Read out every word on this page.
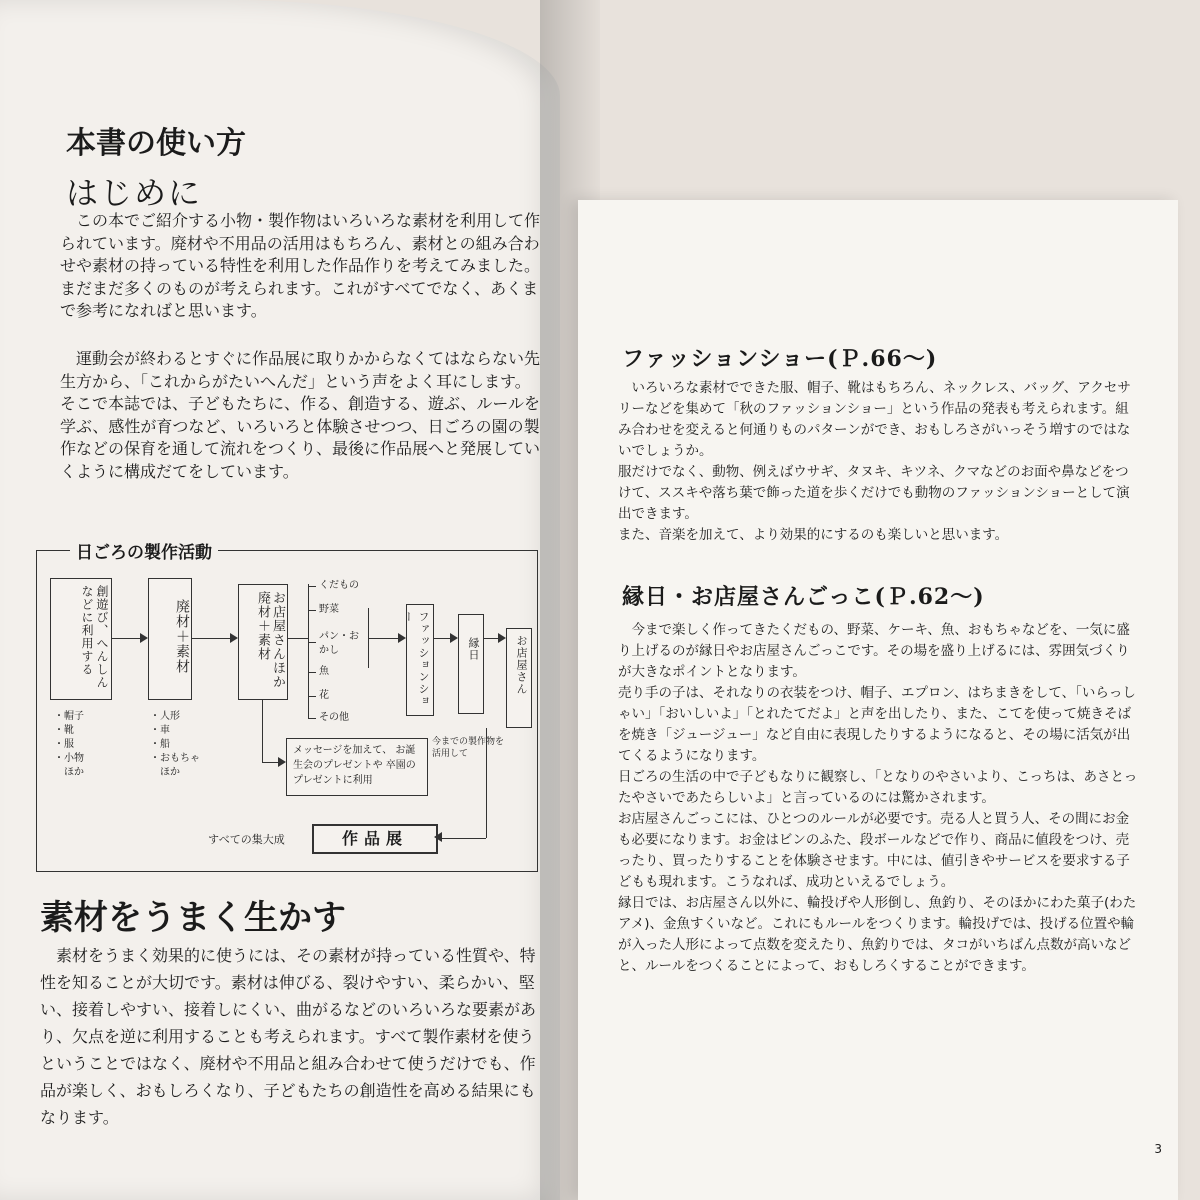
本書の使い方
はじめに

この本でご紹介する小物・製作物はいろいろな素材を利用して作られています。廃材や不用品の活用はもちろん、素材との組み合わせや素材の持っている特性を利用した作品作りを考えてみました。まだまだ多くのものが考えられます。これがすべてでなく、あくまで参考になればと思います。

運動会が終わるとすぐに作品展に取りかからなくてはならない先生方から、「これからがたいへんだ」という声をよく耳にします。そこで本誌では、子どもたちに、作る、創造する、遊ぶ、ルールを学ぶ、感性が育つなど、いろいろと体験させつつ、日ごろの園の製作などの保育を通して流れをつくり、最後に作品展へと発展していくように構成だてをしています。

日ごろの製作活動
創遊び、へんしんなどに利用する
・帽子
・靴
・服
・小物
　ほか
廃材＋素材
・人形
・車
・船
・おもちゃ
　ほか
お店屋さんほか廃材＋素材
くだもの
野菜
パン・おかし
魚
花
その他
ファッションショー
縁日	お店屋さん
今までの製作物を
活用して
メッセージを加えて、 お誕生会のプレゼントや 卒園のプレゼントに利用
すべての集大成	作品展
素材をうまく生かす

素材をうまく効果的に使うには、その素材が持っている性質や、特性を知ることが大切です。素材は伸びる、裂けやすい、柔らかい、堅い、接着しやすい、接着しにくい、曲がるなどのいろいろな要素があり、欠点を逆に利用することも考えられます。すべて製作素材を使うということではなく、廃材や不用品と組み合わせて使うだけでも、作品が楽しく、おもしろくなり、子どもたちの創造性を高める結果にもなります。

ファッションショー(Ｐ.66～)

いろいろな素材でできた服、帽子、靴はもちろん、ネックレス、バッグ、アクセサリーなどを集めて「秋のファッションショー」という作品の発表も考えられます。組み合わせを変えると何通りものパターンができ、おもしろさがいっそう増すのではないでしょうか。
服だけでなく、動物、例えばウサギ、タヌキ、キツネ、クマなどのお面や鼻などをつけて、ススキや落ち葉で飾った道を歩くだけでも動物のファッションショーとして演出できます。
また、音楽を加えて、より効果的にするのも楽しいと思います。

縁日・お店屋さんごっこ(Ｐ.62～)

今まで楽しく作ってきたくだもの、野菜、ケーキ、魚、おもちゃなどを、一気に盛り上げるのが縁日やお店屋さんごっこです。その場を盛り上げるには、雰囲気づくりが大きなポイントとなります。
売り手の子は、それなりの衣装をつけ、帽子、エプロン、はちまきをして、「いらっしゃい」「おいしいよ」「とれたてだよ」と声を出したり、また、こてを使って焼きそばを焼き「ジュージュー」など自由に表現したりするようになると、その場に活気が出てくるようになります。
日ごろの生活の中で子どもなりに観察し、「となりのやさいより、こっちは、あさとったやさいであたらしいよ」と言っているのには驚かされます。
お店屋さんごっこには、ひとつのルールが必要です。売る人と買う人、その間にお金も必要になります。お金はビンのふた、段ボールなどで作り、商品に値段をつけ、売ったり、買ったりすることを体験させます。中には、値引きやサービスを要求する子どもも現れます。こうなれば、成功といえるでしょう。
縁日では、お店屋さん以外に、輪投げや人形倒し、魚釣り、そのほかにわた菓子(わたアメ)、金魚すくいなど。これにもルールをつくります。輪投げでは、投げる位置や輪が入った人形によって点数を変えたり、魚釣りでは、タコがいちばん点数が高いなどと、ルールをつくることによって、おもしろくすることができます。

3
